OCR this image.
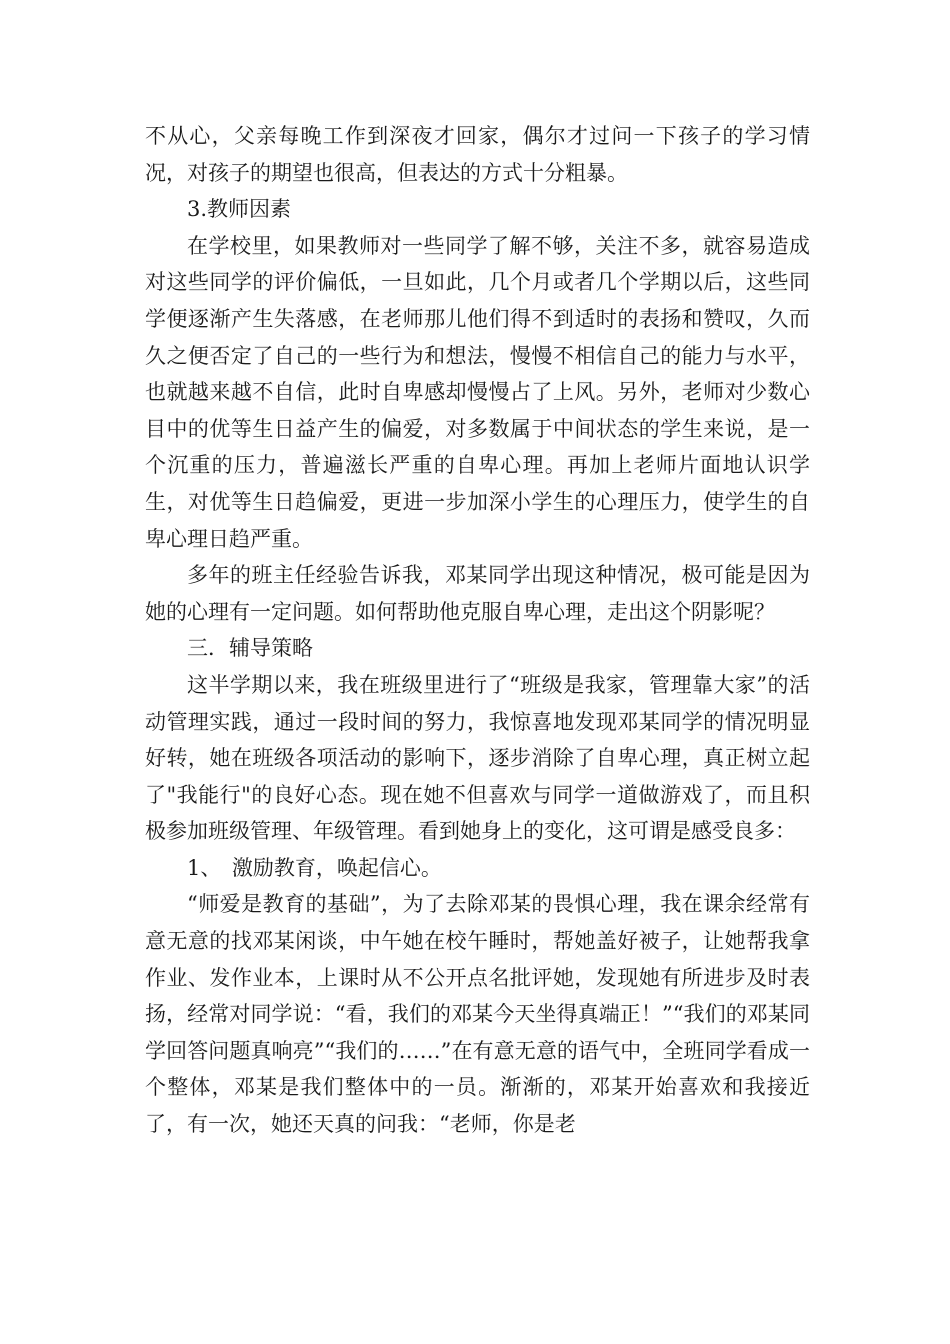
不从心，父亲每晚工作到深夜才回家，偶尔才过问一下孩子的学习情况，对孩子的期望也很高，但表达的方式十分粗暴。

3.教师因素

在学校里，如果教师对一些同学了解不够，关注不多，就容易造成对这些同学的评价偏低，一旦如此，几个月或者几个学期以后，这些同学便逐渐产生失落感，在老师那儿他们得不到适时的表扬和赞叹，久而久之便否定了自己的一些行为和想法，慢慢不相信自己的能力与水平，也就越来越不自信，此时自卑感却慢慢占了上风。另外，老师对少数心目中的优等生日益产生的偏爱，对多数属于中间状态的学生来说，是一个沉重的压力，普遍滋长严重的自卑心理。再加上老师片面地认识学生，对优等生日趋偏爱，更进一步加深小学生的心理压力，使学生的自卑心理日趋严重。

多年的班主任经验告诉我，邓某同学出现这种情况，极可能是因为她的心理有一定问题。如何帮助他克服自卑心理，走出这个阴影呢？

三．辅导策略

这半学期以来，我在班级里进行了“班级是我家，管理靠大家”的活动管理实践，通过一段时间的努力，我惊喜地发现邓某同学的情况明显好转，她在班级各项活动的影响下，逐步消除了自卑心理，真正树立起了"我能行"的良好心态。现在她不但喜欢与同学一道做游戏了，而且积极参加班级管理、年级管理。看到她身上的变化，这可谓是感受良多：

1、　激励教育，唤起信心。

“师爱是教育的基础”，为了去除邓某的畏惧心理，我在课余经常有意无意的找邓某闲谈，中午她在校午睡时，帮她盖好被子，让她帮我拿作业、发作业本，上课时从不公开点名批评她，发现她有所进步及时表扬，经常对同学说：“看，我们的邓某今天坐得真端正！”“我们的邓某同学回答问题真响亮”“我们的……”在有意无意的语气中，全班同学看成一个整体，邓某是我们整体中的一员。渐渐的，邓某开始喜欢和我接近了，有一次，她还天真的问我：“老师，你是老
